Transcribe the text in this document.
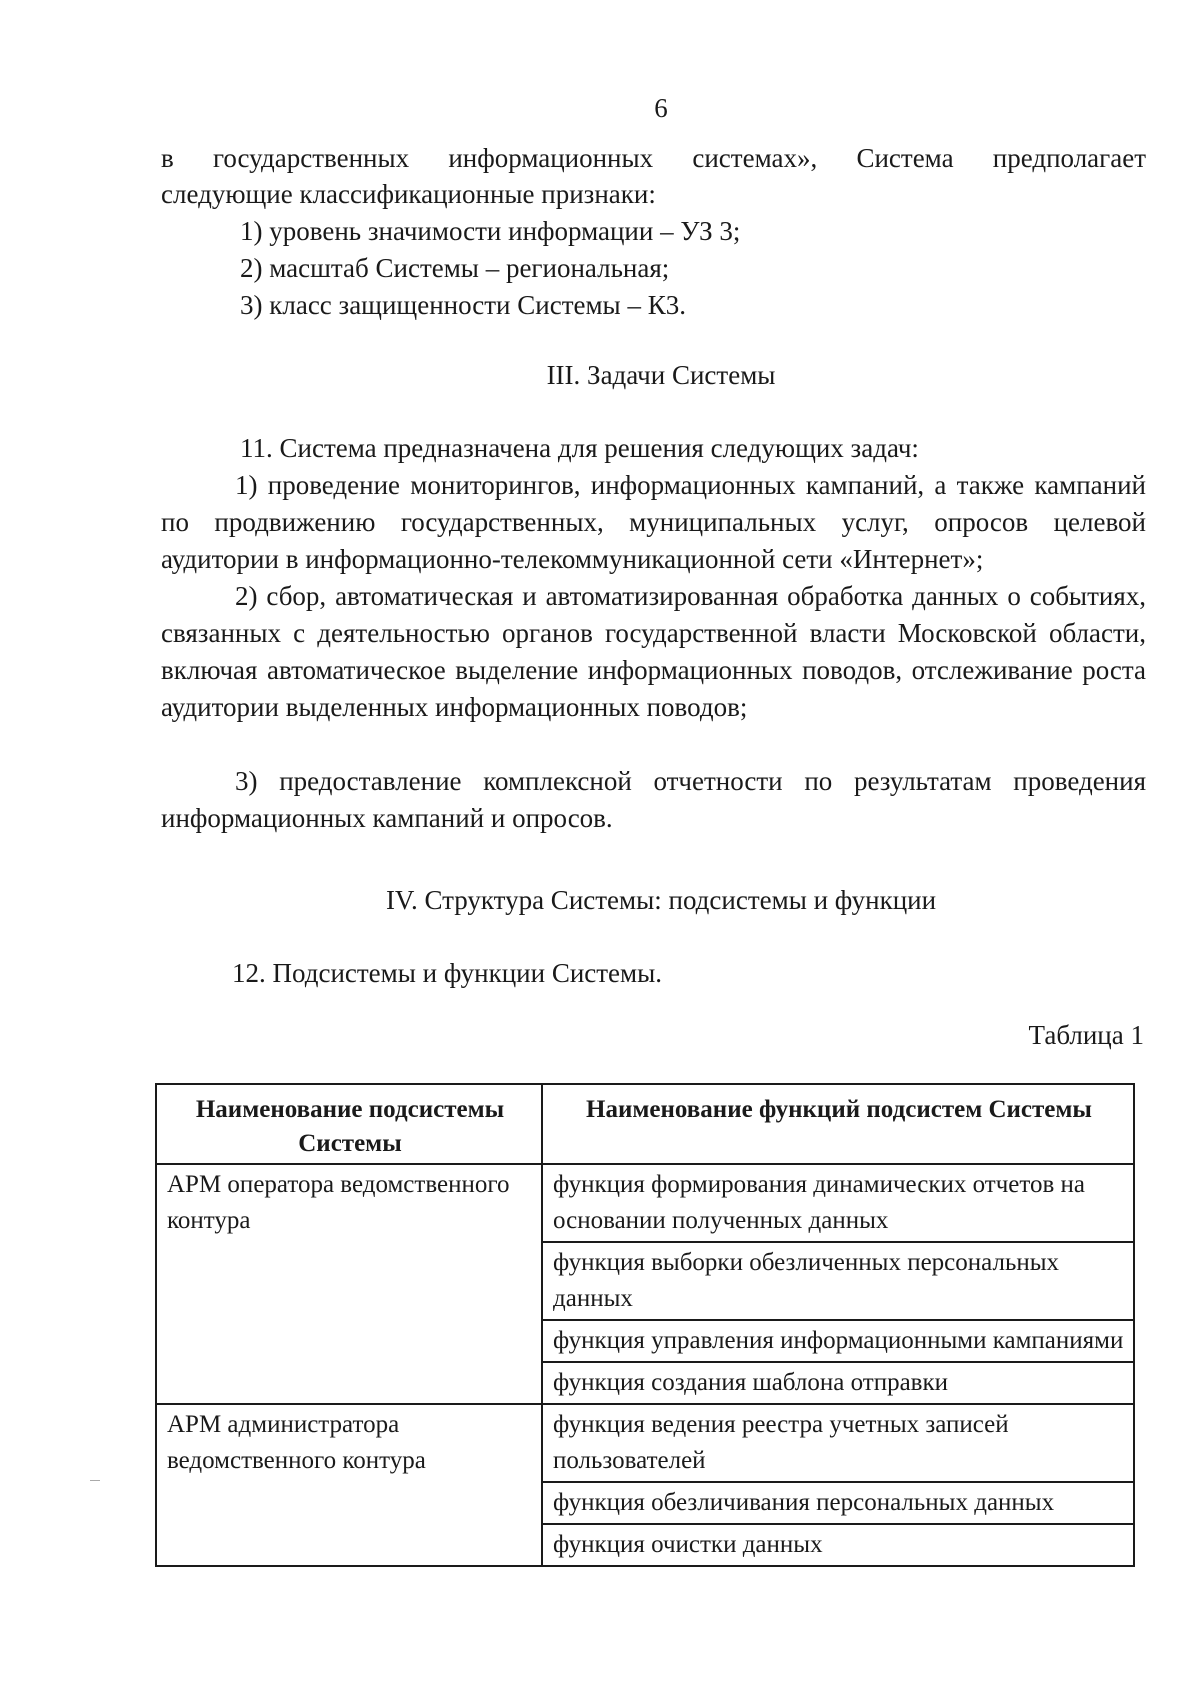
6

в государственных информационных системах», Система предполагает

следующие классификационные признаки:

1) уровень значимости информации – УЗ 3;

2) масштаб Системы – региональная;

3) класс защищенности Системы – К3.

III. Задачи Системы

11. Система предназначена для решения следующих задач:

1) проведение мониторингов, информационных кампаний, а также кампаний по продвижению государственных, муниципальных услуг, опросов целевой аудитории в информационно-телекоммуникационной сети «Интернет»;

2) сбор, автоматическая и автоматизированная обработка данных о событиях, связанных с деятельностью органов государственной власти Московской области, включая автоматическое выделение информационных поводов, отслеживание роста аудитории выделенных информационных поводов;

3) предоставление комплексной отчетности по результатам проведения информационных кампаний и опросов.

IV. Структура Системы: подсистемы и функции

12. Подсистемы и функции Системы.

Таблица 1

Наименование подсистемы Системы	Наименование функций подсистем Системы
АРМ оператора ведомственного контура	функция формирования динамических отчетов на основании полученных данных
	функция выборки обезличенных персональных данных
	функция управления информационными кампаниями
	функция создания шаблона отправки
АРМ администратора ведомственного контура	функция ведения реестра учетных записей пользователей
	функция обезличивания персональных данных
	функция очистки данных
